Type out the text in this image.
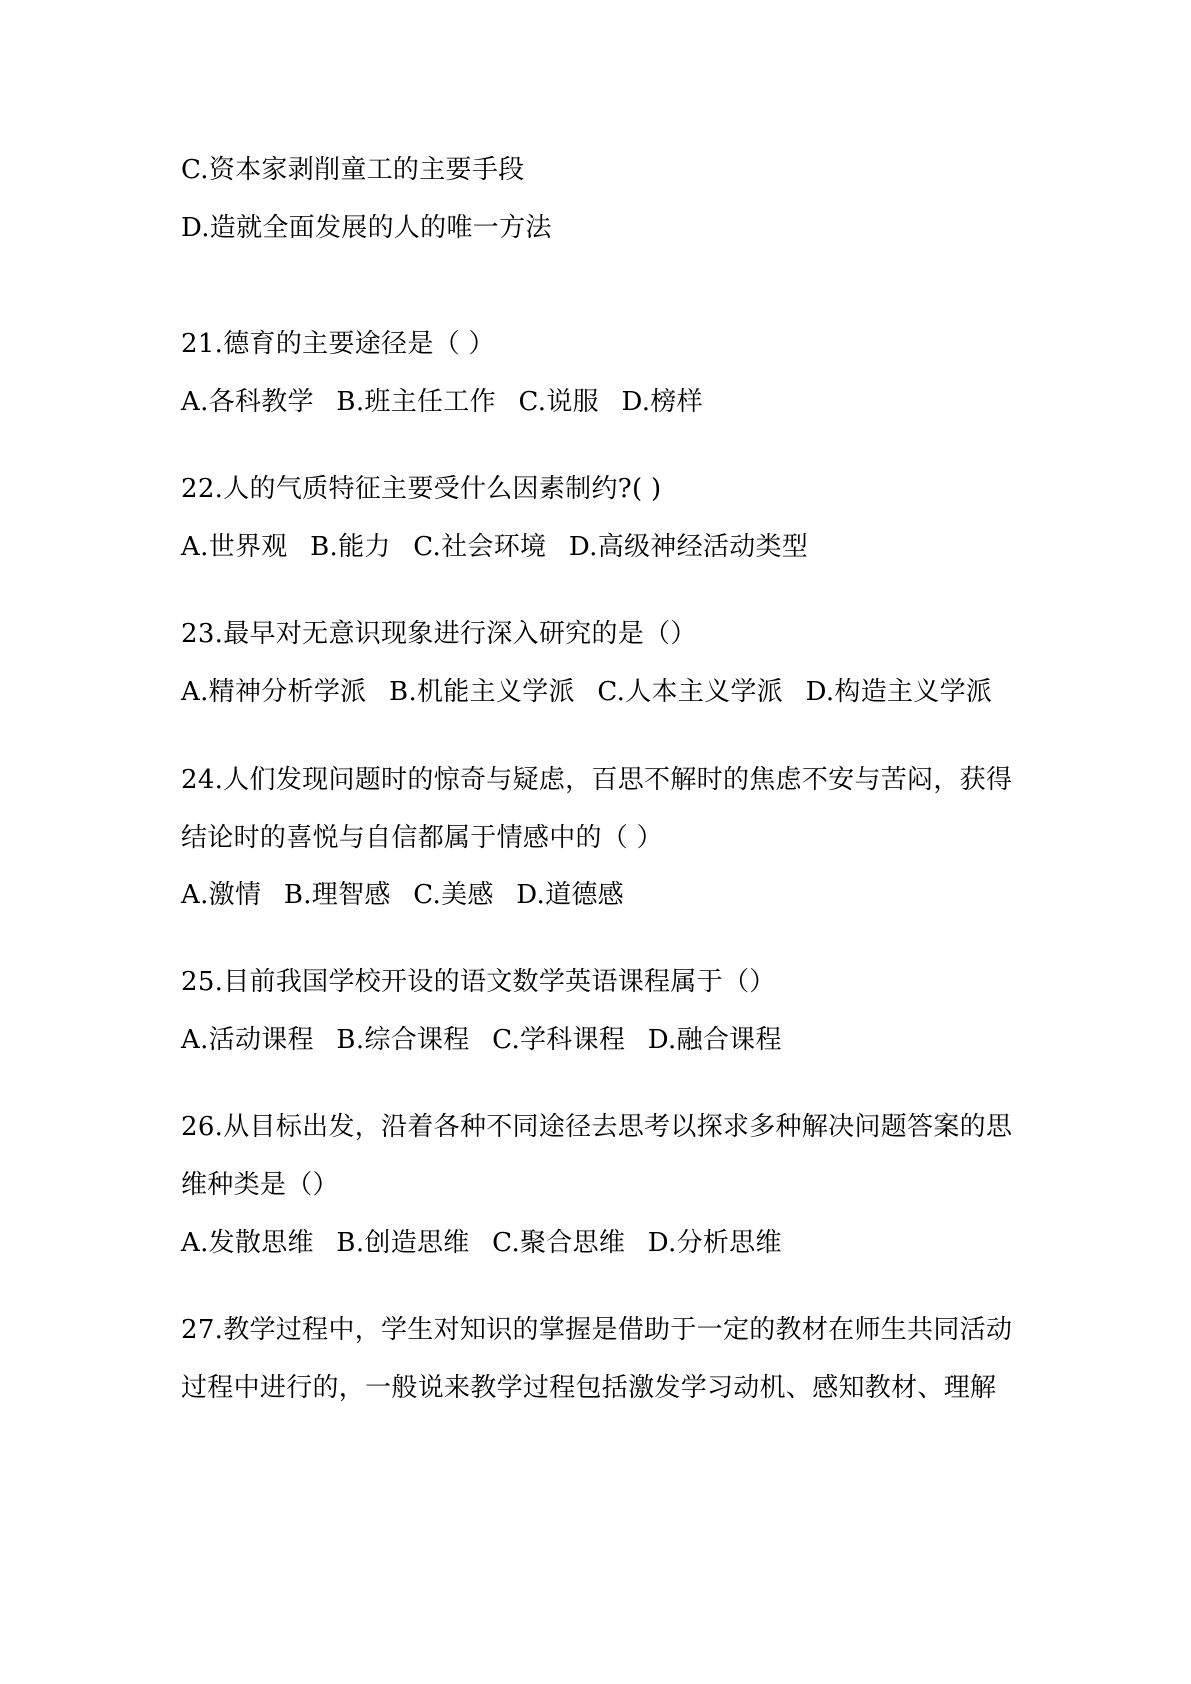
C.资本家剥削童工的主要手段
D.造就全面发展的人的唯一方法
21.德育的主要途径是（ ）
A.各科教学 B.班主任工作 C.说服 D.榜样
22.人的气质特征主要受什么因素制约?( )
A.世界观 B.能力 C.社会环境 D.高级神经活动类型
23.最早对无意识现象进行深入研究的是（）
A.精神分析学派 B.机能主义学派 C.人本主义学派 D.构造主义学派
24.人们发现问题时的惊奇与疑虑，百思不解时的焦虑不安与苦闷，获得
结论时的喜悦与自信都属于情感中的（ ）
A.激情 B.理智感 C.美感 D.道德感
25.目前我国学校开设的语文数学英语课程属于（）
A.活动课程 B.综合课程 C.学科课程 D.融合课程
26.从目标出发，沿着各种不同途径去思考以探求多种解决问题答案的思
维种类是（）
A.发散思维 B.创造思维 C.聚合思维 D.分析思维
27.教学过程中，学生对知识的掌握是借助于一定的教材在师生共同活动
过程中进行的，一般说来教学过程包括激发学习动机、感知教材、理解
